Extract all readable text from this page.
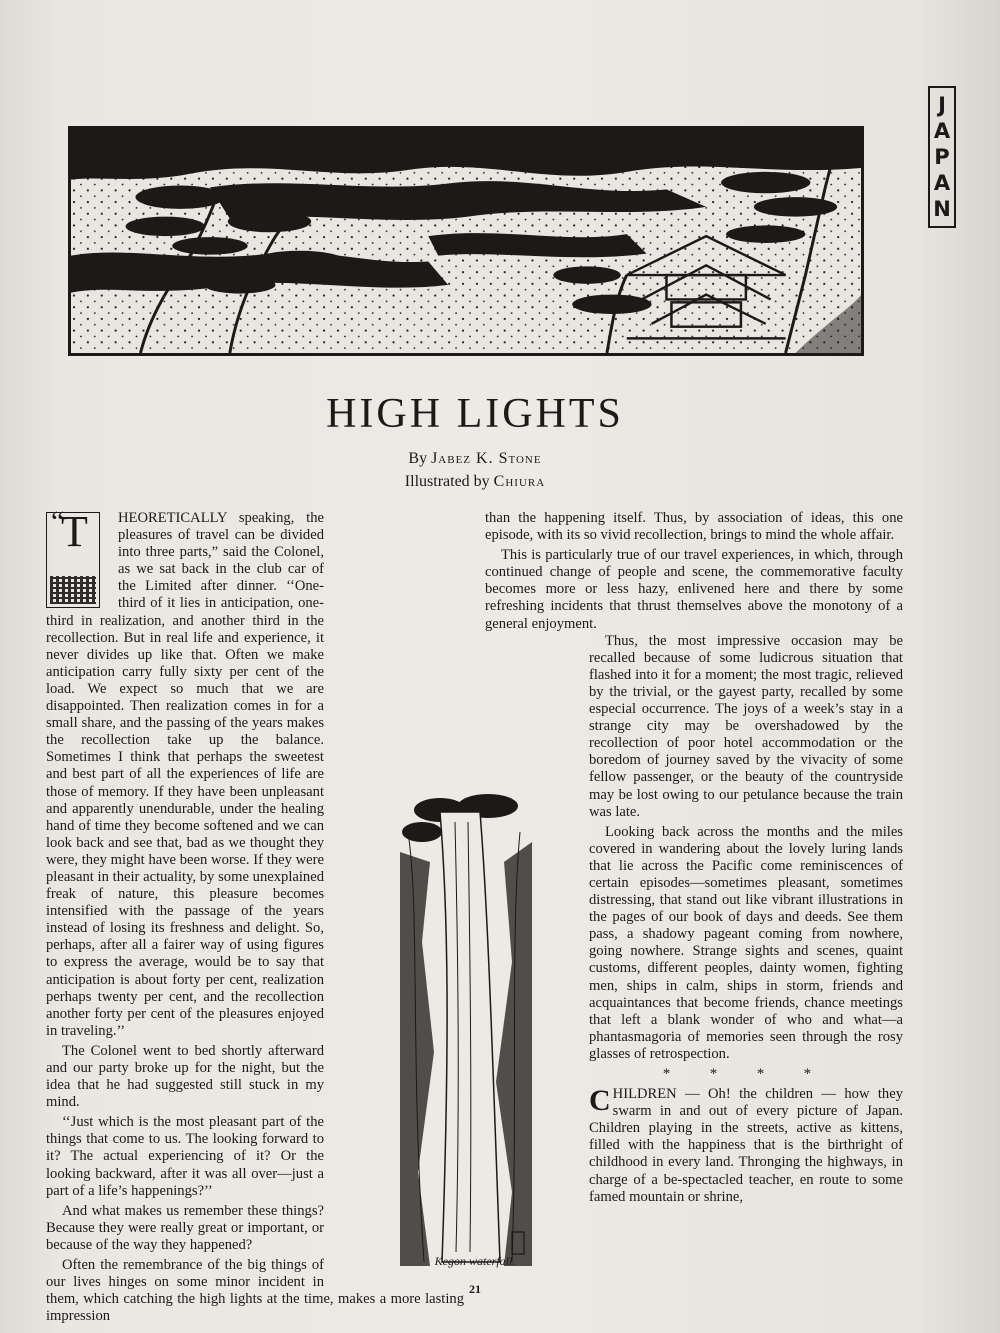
J
A
P
A
N
HIGH LIGHTS
By Jabez K. Stone
Illustrated by Chiura
“
T	HEORETICALLY speaking, the pleasures of travel can be divided into three parts,” said the Colonel, as we sat back in the club car of the Limited after dinner. ‘‘One-third of it lies in anticipation, one-third in realization, and another third in the recollection. But in real life and experience, it never divides up like that. Often we make anticipation carry fully sixty per cent of the load. We expect so much that we are disappointed. Then realization comes in for a small share, and the passing of the years makes the recollection take up the balance. Sometimes I think that perhaps the sweetest and best part of all the experiences of life are those of memory. If they have been unpleasant and apparently unendurable, under the healing hand of time they become softened and we can look back and see that, bad as we thought they were, they might have been worse. If they were pleasant in their actuality, by some unexplained freak of nature, this pleasure becomes intensified with the passage of the years instead of losing its freshness and delight. So, perhaps, after all a fairer way of using figures to express the average, would be to say that anticipation is about forty per cent, realization perhaps twenty per cent, and the recollection another forty per cent of the pleasures enjoyed in traveling.’’

The Colonel went to bed shortly afterward and our party broke up for the night, but the idea that he had suggested still stuck in my mind.

‘‘Just which is the most pleasant part of the things that come to us. The looking forward to it? The actual experiencing of it? Or the looking backward, after it was all over—just a part of a life’s happenings?’’

And what makes us remember these things? Because they were really great or important, or because of the way they happened?

Often the remembrance of the big things of our lives hinges on some minor incident in them, which catching the high lights at the time, makes a more lasting impression

than the happening itself. Thus, by association of ideas, this one episode, with its so vivid recollection, brings to mind the whole affair.

This is particularly true of our travel experiences, in which, through continued change of people and scene, the commemorative faculty becomes more or less hazy, enlivened here and there by some refreshing incidents that thrust themselves above the monotony of a general enjoyment.

Thus, the most impressive occasion may be recalled because of some ludicrous situation that flashed into it for a moment; the most tragic, relieved by the trivial, or the gayest party, recalled by some especial occurrence. The joys of a week’s stay in a strange city may be overshadowed by the recollection of poor hotel accommodation or the boredom of journey saved by the vivacity of some fellow passenger, or the beauty of the countryside may be lost owing to our petulance because the train was late.

Looking back across the months and the miles covered in wandering about the lovely luring lands that lie across the Pacific come reminiscences of certain episodes—sometimes pleasant, sometimes distressing, that stand out like vibrant illustrations in the pages of our book of days and deeds. See them pass, a shadowy pageant coming from nowhere, going nowhere. Strange sights and scenes, quaint customs, different peoples, dainty women, fighting men, ships in calm, ships in storm, friends and acquaintances that become friends, chance meetings that left a blank wonder of who and what—a phantasmagoria of memories seen through the rosy glasses of retrospection.

* * * *

CHILDREN — Oh! the children — how they swarm in and out of every picture of Japan. Children playing in the streets, active as kittens, filled with the happiness that is the birthright of childhood in every land. Thronging the highways, in charge of a be-spectacled teacher, en route to some famed mountain or shrine,

Kegon waterfall.
21
